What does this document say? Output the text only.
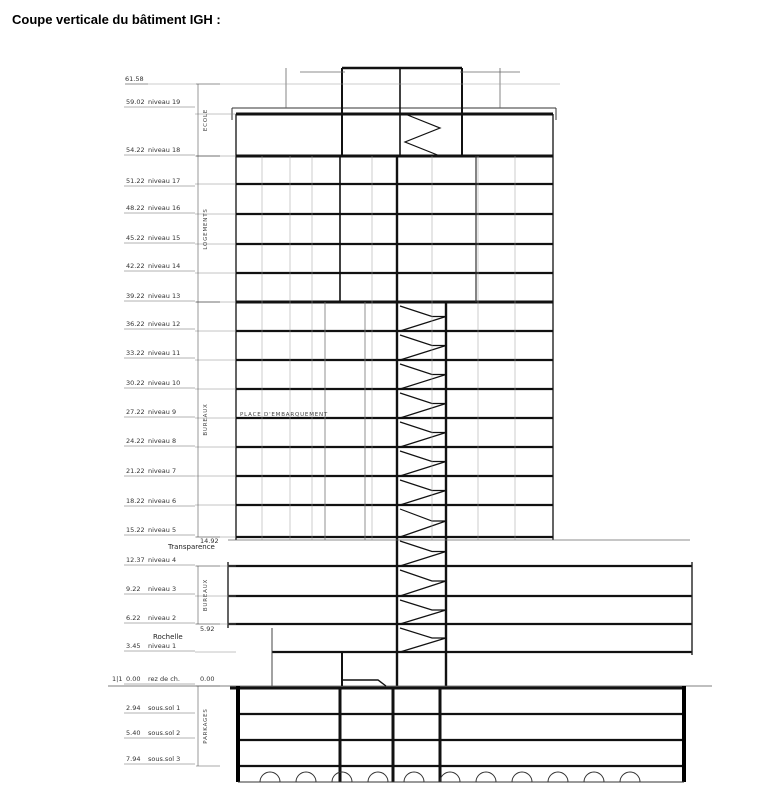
Coupe verticale du bâtiment IGH :
61.58
59.02 niveau 19
54.22 niveau 18
51.22 niveau 17
48.22 niveau 16
45.22 niveau 15
42.22 niveau 14
39.22 niveau 13
36.22 niveau 12
33.22 niveau 11
30.22 niveau 10
27.22 niveau 9
24.22 niveau 8
21.22 niveau 7
18.22 niveau 6
15.22 niveau 5
12.37 niveau 4
9.22 niveau 3
6.22 niveau 2
3.45 niveau 1
0.00 rez de ch.
2.94 sous.sol 1
5.40 sous.sol 2
7.94 sous.sol 3
1|1	0.00
ECOLE
LOGEMENTS
BUREAUX
BUREAUX
PARKAGES
Transparence
Rochelle
PLACE D'EMBARQUEMENT
14.92
5.92
